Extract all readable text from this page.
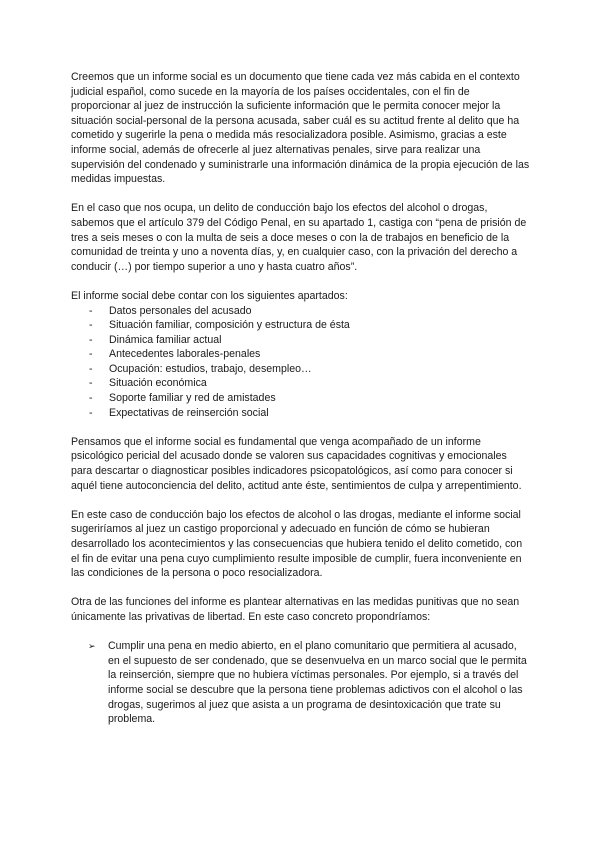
Creemos que un informe social es un documento que tiene cada vez más cabida en el contexto judicial español, como sucede en la mayoría de los países occidentales, con el fin de proporcionar al juez de instrucción la suficiente información que le permita conocer mejor la situación social-personal de la persona acusada, saber cuál es su actitud frente al delito que ha cometido y sugerirle la pena o medida más resocializadora posible. Asimismo, gracias a este informe social, además de ofrecerle al juez alternativas penales, sirve para realizar una supervisión del condenado y suministrarle una información dinámica de la propia ejecución de las medidas impuestas.

En el caso que nos ocupa, un delito de conducción bajo los efectos del alcohol o drogas, sabemos que el artículo 379 del Código Penal, en su apartado 1, castiga con “pena de prisión de tres a seis meses o con la multa de seis a doce meses o con la de trabajos en beneficio de la comunidad de treinta y uno a noventa días, y, en cualquier caso, con la privación del derecho a conducir (…) por tiempo superior a uno y hasta cuatro años”.

El informe social debe contar con los siguientes apartados:

- Datos personales del acusado
- Situación familiar, composición y estructura de ésta
- Dinámica familiar actual
- Antecedentes laborales-penales
- Ocupación: estudios, trabajo, desempleo…
- Situación económica
- Soporte familiar y red de amistades
- Expectativas de reinserción social

Pensamos que el informe social es fundamental que venga acompañado de un informe psicológico pericial del acusado donde se valoren sus capacidades cognitivas y emocionales para descartar o diagnosticar posibles indicadores psicopatológicos, así como para conocer si aquél tiene autoconciencia del delito, actitud ante éste, sentimientos de culpa y arrepentimiento.

En este caso de conducción bajo los efectos de alcohol o las drogas, mediante el informe social sugeriríamos al juez un castigo proporcional y adecuado en función de cómo se hubieran desarrollado los acontecimientos y las consecuencias que hubiera tenido el delito cometido, con el fin de evitar una pena cuyo cumplimiento resulte imposible de cumplir, fuera inconveniente en las condiciones de la persona o poco resocializadora.

Otra de las funciones del informe es plantear alternativas en las medidas punitivas que no sean únicamente las privativas de libertad. En este caso concreto propondríamos:

➢ Cumplir una pena en medio abierto, en el plano comunitario que permitiera al acusado, en el supuesto de ser condenado, que se desenvuelva en un marco social que le permita la reinserción, siempre que no hubiera víctimas personales. Por ejemplo, si a través del informe social se descubre que la persona tiene problemas adictivos con el alcohol o las drogas, sugerimos al juez que asista a un programa de desintoxicación que trate su problema.
